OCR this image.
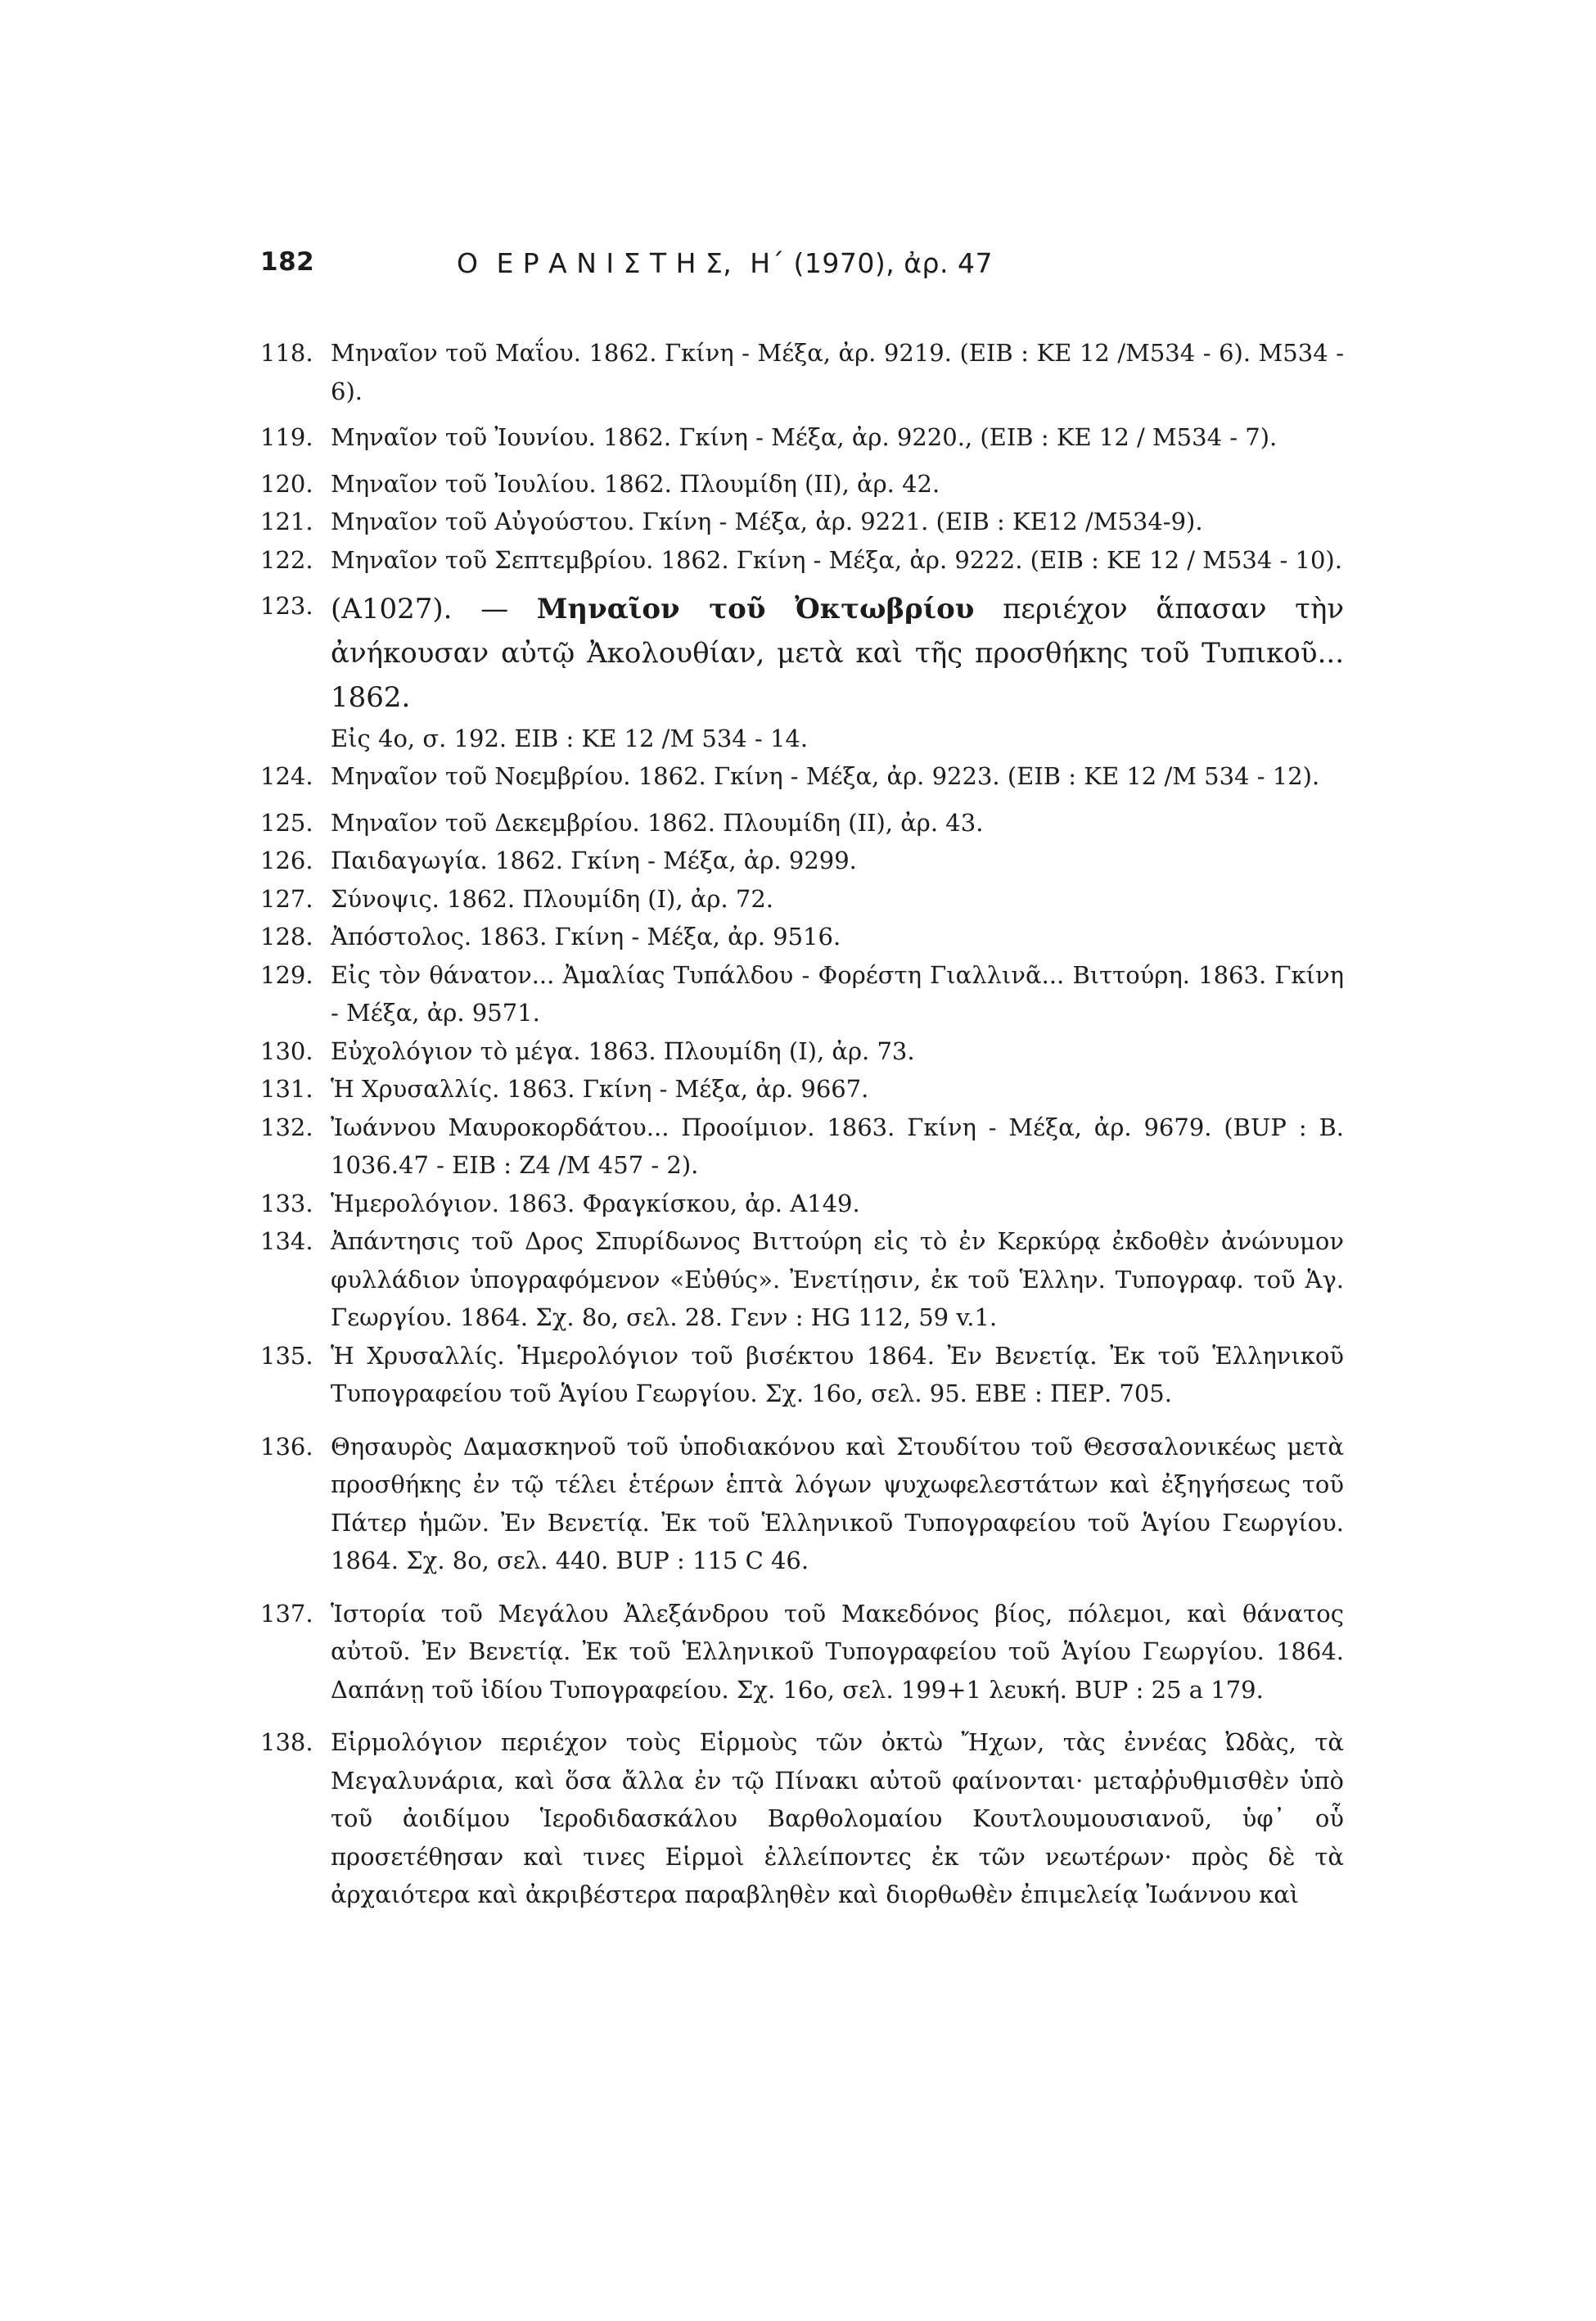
182	Ο  Ε Ρ Α Ν Ι Σ Τ Η Σ,  Η΄ (1970), ἀρ. 47
118. Μηναῖον τοῦ Μαΐου. 1862. Γκίνη - Μέξα, ἀρ. 9219. (ΕΙΒ : ΚΕ 12 /Μ534 - 6). Μ534 - 6).
119. Μηναῖον τοῦ Ἰουνίου. 1862. Γκίνη - Μέξα, ἀρ. 9220., (ΕΙΒ : ΚΕ 12 / Μ534 - 7).
120. Μηναῖον τοῦ Ἰουλίου. 1862. Πλουμίδη (ΙΙ), ἀρ. 42.
121. Μηναῖον τοῦ Αὐγούστου. Γκίνη - Μέξα, ἀρ. 9221. (ΕΙΒ : ΚΕ12 /Μ534-9).
122. Μηναῖον τοῦ Σεπτεμβρίου. 1862. Γκίνη - Μέξα, ἀρ. 9222. (ΕΙΒ : ΚΕ 12 / Μ534 - 10).
123. (Α1027). — Μηναῖον τοῦ Ὀκτωβρίου περιέχον ἅπασαν τὴν ἀνήκουσαν αὐτῷ Ἀκολουθίαν, μετὰ καὶ τῆς προσθήκης τοῦ Τυπικοῦ... 1862.
Εἰς 4ο, σ. 192. ΕΙΒ : ΚΕ 12 /Μ 534 - 14.
124. Μηναῖον τοῦ Νοεμβρίου. 1862. Γκίνη - Μέξα, ἀρ. 9223. (ΕΙΒ : ΚΕ 12 /Μ 534 - 12).
125. Μηναῖον τοῦ Δεκεμβρίου. 1862. Πλουμίδη (ΙΙ), ἀρ. 43.
126. Παιδαγωγία. 1862. Γκίνη - Μέξα, ἀρ. 9299.
127. Σύνοψις. 1862. Πλουμίδη (Ι), ἀρ. 72.
128. Ἀπόστολος. 1863. Γκίνη - Μέξα, ἀρ. 9516.
129. Εἰς τὸν θάνατον... Ἀμαλίας Τυπάλδου - Φορέστη Γιαλλινᾶ... Βιττούρη. 1863. Γκίνη - Μέξα, ἀρ. 9571.
130. Εὐχολόγιον τὸ μέγα. 1863. Πλουμίδη (Ι), ἀρ. 73.
131. Ἡ Χρυσαλλίς. 1863. Γκίνη - Μέξα, ἀρ. 9667.
132. Ἰωάννου Μαυροκορδάτου... Προοίμιον. 1863. Γκίνη - Μέξα, ἀρ. 9679. (BUP : B. 1036.47 - ΕΙΒ : Ζ4 /Μ 457 - 2).
133. Ἡμερολόγιον. 1863. Φραγκίσκου, ἀρ. Α149.
134. Ἀπάντησις τοῦ Δρος Σπυρίδωνος Βιττούρη εἰς τὸ ἐν Κερκύρᾳ ἐκδοθὲν ἀνώνυμον φυλλάδιον ὑπογραφόμενον «Εὐθύς». Ἐνετίῃσιν, ἐκ τοῦ Ἑλλην. Τυπογραφ. τοῦ Ἁγ. Γεωργίου. 1864. Σχ. 8ο, σελ. 28. Γενν : HG 112, 59 v.1.
135. Ἡ Χρυσαλλίς. Ἡμερολόγιον τοῦ βισέκτου 1864. Ἐν Βενετίᾳ. Ἐκ τοῦ Ἑλληνικοῦ Τυπογραφείου τοῦ Ἁγίου Γεωργίου. Σχ. 16ο, σελ. 95. ΕΒΕ : ΠΕΡ. 705.
136. Θησαυρὸς Δαμασκηνοῦ τοῦ ὑποδιακόνου καὶ Στουδίτου τοῦ Θεσσαλονικέως μετὰ προσθήκης ἐν τῷ τέλει ἑτέρων ἑπτὰ λόγων ψυχωφελεστάτων καὶ ἐξηγήσεως τοῦ Πάτερ ἡμῶν. Ἐν Βενετίᾳ. Ἐκ τοῦ Ἑλληνικοῦ Τυπογραφείου τοῦ Ἁγίου Γεωργίου. 1864. Σχ. 8ο, σελ. 440. BUP : 115 C 46.
137. Ἱστορία τοῦ Μεγάλου Ἀλεξάνδρου τοῦ Μακεδόνος βίος, πόλεμοι, καὶ θάνατος αὐτοῦ. Ἐν Βενετίᾳ. Ἐκ τοῦ Ἑλληνικοῦ Τυπογραφείου τοῦ Ἁγίου Γεωργίου. 1864. Δαπάνῃ τοῦ ἰδίου Τυπογραφείου. Σχ. 16ο, σελ. 199+1 λευκή. BUP : 25 a 179.
138. Εἱρμολόγιον περιέχον τοὺς Εἱρμοὺς τῶν ὀκτὼ Ἤχων, τὰς ἐννέας Ὠδὰς, τὰ Μεγαλυνάρια, καὶ ὅσα ἄλλα ἐν τῷ Πίνακι αὐτοῦ φαίνονται· μεταῤῥυθμισθὲν ὑπὸ τοῦ ἀοιδίμου Ἱεροδιδασκάλου Βαρθολομαίου Κουτλουμουσιανοῦ, ὑφ᾽ οὗ προσετέθησαν καὶ τινες Εἱρμοὶ ἐλλείποντες ἐκ τῶν νεωτέρων· πρὸς δὲ τὰ ἀρχαιότερα καὶ ἀκριβέστερα παραβληθὲν καὶ διορθωθὲν ἐπιμελείᾳ Ἰωάννου καὶ
